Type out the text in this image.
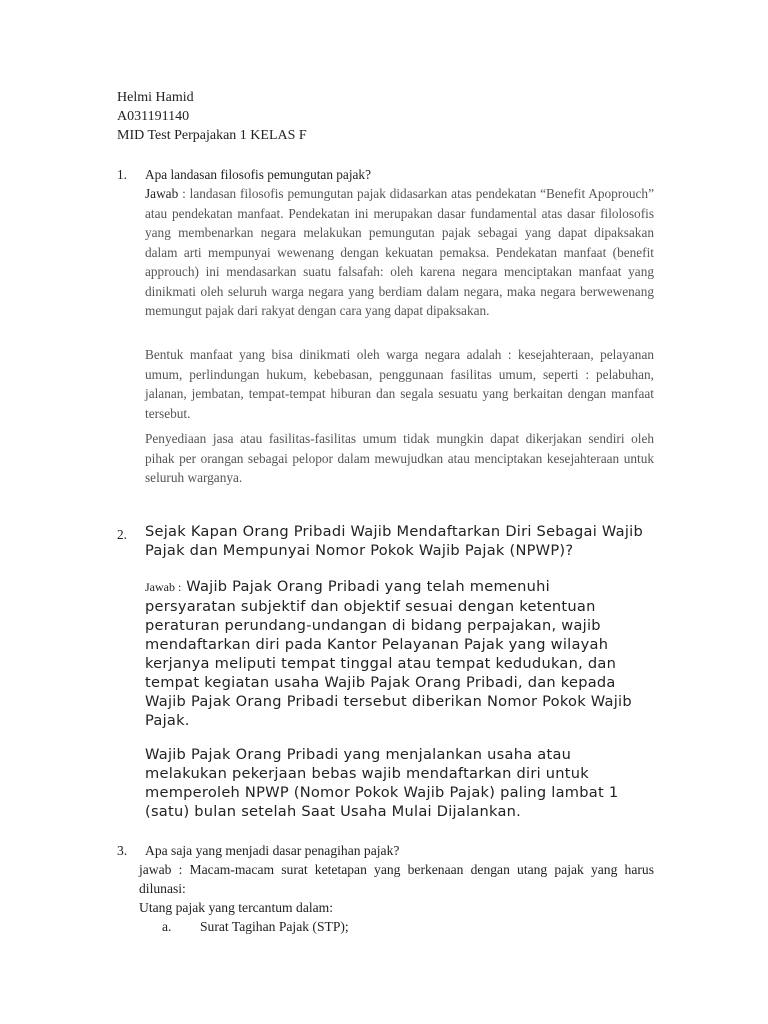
Helmi Hamid
A031191140
MID Test Perpajakan 1 KELAS F
1. Apa landasan filosofis pemungutan pajak?
Jawab : landasan filosofis pemungutan pajak didasarkan atas pendekatan “Benefit Apoprouch” atau pendekatan manfaat. Pendekatan ini merupakan dasar fundamental atas dasar filolosofis yang membenarkan negara melakukan pemungutan pajak sebagai yang dapat dipaksakan dalam arti mempunyai wewenang dengan kekuatan pemaksa. Pendekatan manfaat (benefit approuch) ini mendasarkan suatu falsafah: oleh karena negara menciptakan manfaat yang dinikmati oleh seluruh warga negara yang berdiam dalam negara, maka negara berwewenang memungut pajak dari rakyat dengan cara yang dapat dipaksakan.
Bentuk manfaat yang bisa dinikmati oleh warga negara adalah : kesejahteraan, pelayanan umum, perlindungan hukum, kebebasan, penggunaan fasilitas umum, seperti : pelabuhan, jalanan, jembatan, tempat-tempat hiburan dan segala sesuatu yang berkaitan dengan manfaat tersebut.
Penyediaan jasa atau fasilitas-fasilitas umum tidak mungkin dapat dikerjakan sendiri oleh pihak per orangan sebagai pelopor dalam mewujudkan atau menciptakan kesejahteraan untuk seluruh warganya.
2. Sejak Kapan Orang Pribadi Wajib Mendaftarkan Diri Sebagai Wajib
Pajak dan Mempunyai Nomor Pokok Wajib Pajak (NPWP)?
Jawab : Wajib Pajak Orang Pribadi yang telah memenuhi
persyaratan subjektif dan objektif sesuai dengan ketentuan
peraturan perundang-undangan di bidang perpajakan, wajib
mendaftarkan diri pada Kantor Pelayanan Pajak yang wilayah
kerjanya meliputi tempat tinggal atau tempat kedudukan, dan
tempat kegiatan usaha Wajib Pajak Orang Pribadi, dan kepada
Wajib Pajak Orang Pribadi tersebut diberikan Nomor Pokok Wajib
Pajak.
Wajib Pajak Orang Pribadi yang menjalankan usaha atau
melakukan pekerjaan bebas wajib mendaftarkan diri untuk
memperoleh NPWP (Nomor Pokok Wajib Pajak) paling lambat 1
(satu) bulan setelah Saat Usaha Mulai Dijalankan.
3. Apa saja yang menjadi dasar penagihan pajak?
jawab : Macam-macam surat ketetapan yang berkenaan dengan utang pajak yang harus dilunasi:
Utang pajak yang tercantum dalam:
a. Surat Tagihan Pajak (STP);
